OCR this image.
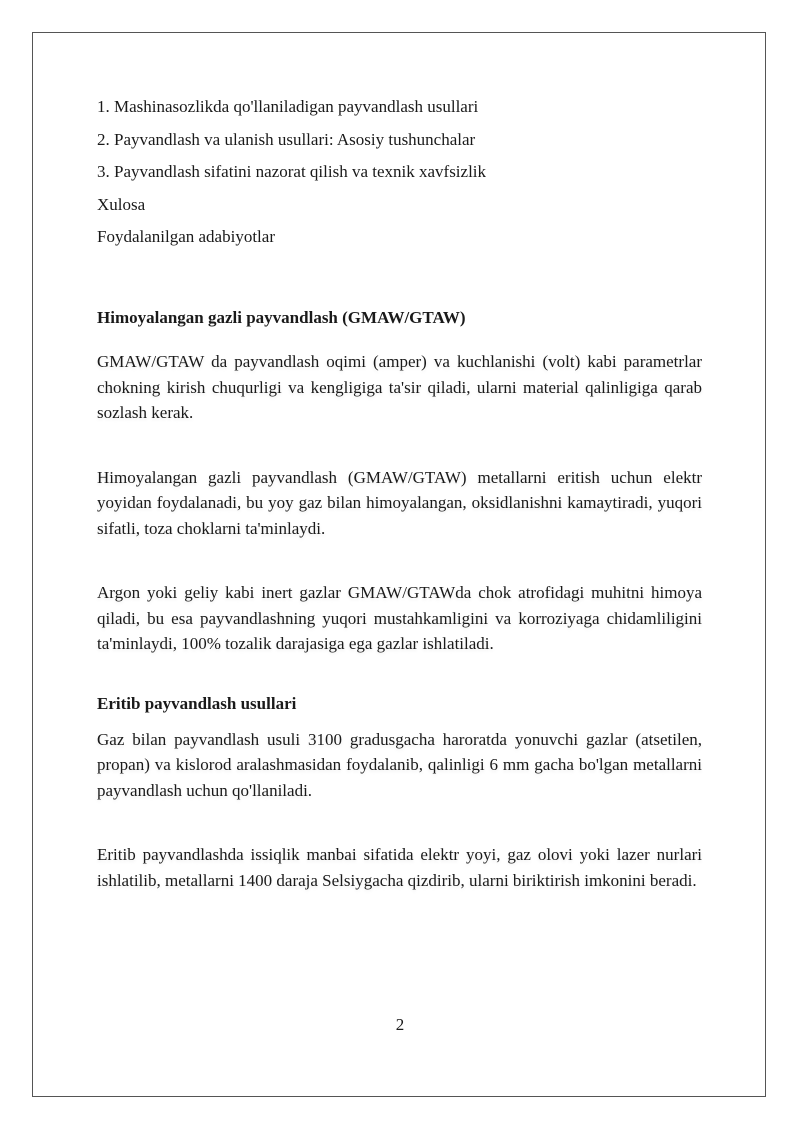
1. Mashinasozlikda qo'llaniladigan payvandlash usullari

2. Payvandlash va ulanish usullari: Asosiy tushunchalar

3. Payvandlash sifatini nazorat qilish va texnik xavfsizlik

Xulosa

Foydalanilgan adabiyotlar

Himoyalangan gazli payvandlash (GMAW/GTAW)

GMAW/GTAW da payvandlash oqimi (amper) va kuchlanishi (volt) kabi parametrlar chokning kirish chuqurligi va kengligiga ta'sir qiladi, ularni material qalinligiga qarab sozlash kerak.

Himoyalangan gazli payvandlash (GMAW/GTAW) metallarni eritish uchun elektr yoyidan foydalanadi, bu yoy gaz bilan himoyalangan, oksidlanishni kamaytiradi, yuqori sifatli, toza choklarni ta'minlaydi.

Argon yoki geliy kabi inert gazlar GMAW/GTAWda chok atrofidagi muhitni himoya qiladi, bu esa payvandlashning yuqori mustahkamligini va korroziyaga chidamliligini ta'minlaydi, 100% tozalik darajasiga ega gazlar ishlatiladi.

Eritib payvandlash usullari

Gaz bilan payvandlash usuli 3100 gradusgacha haroratda yonuvchi gazlar (atsetilen, propan) va kislorod aralashmasidan foydalanib, qalinligi 6 mm gacha bo'lgan metallarni payvandlash uchun qo'llaniladi.

Eritib payvandlashda issiqlik manbai sifatida elektr yoyi, gaz olovi yoki lazer nurlari ishlatilib, metallarni 1400 daraja Selsiygacha qizdirib, ularni biriktirish imkonini beradi.

2
